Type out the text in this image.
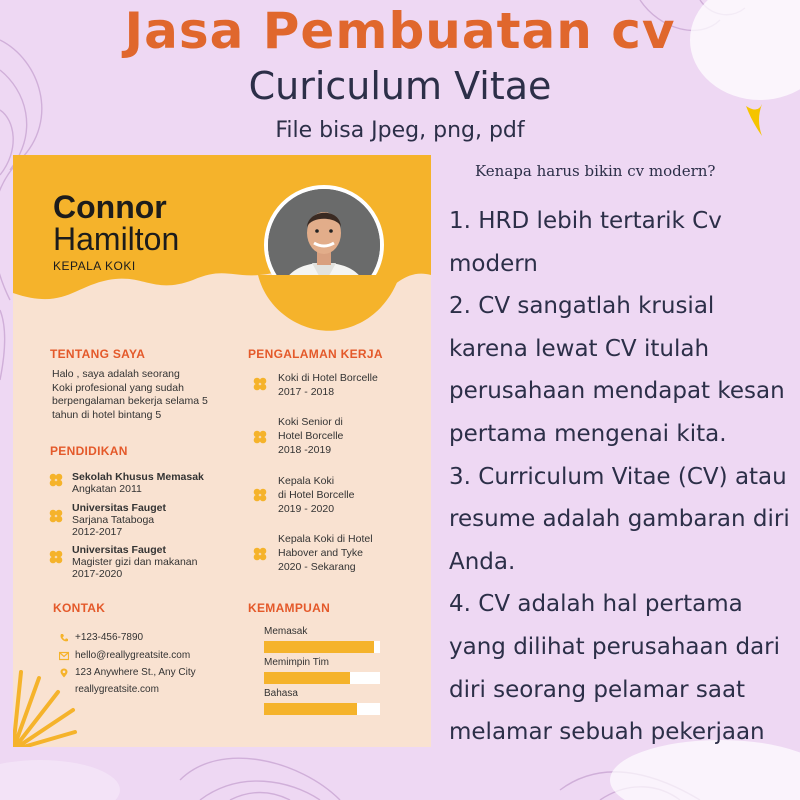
Jasa Pembuatan cv
Curiculum Vitae
File bisa Jpeg, png, pdf
Connor
Hamilton
KEPALA KOKI
TENTANG SAYA
Halo , saya adalah seorang
Koki profesional yang sudah
berpengalaman bekerja selama 5
tahun di hotel bintang 5
PENDIDIKAN
Sekolah Khusus Memasak
Angkatan 2011
Universitas Fauget
Sarjana Tataboga
2012-2017
Universitas Fauget
Magister gizi dan makanan
2017-2020
PENGALAMAN KERJA
Koki di Hotel Borcelle
2017 - 2018
Koki Senior di
Hotel Borcelle
2018 -2019
Kepala Koki
di Hotel Borcelle
2019 - 2020
Kepala Koki di Hotel
Habover and Tyke
2020 - Sekarang
KONTAK
+123-456-7890
hello@reallygreatsite.com
123 Anywhere St., Any City
reallygreatsite.com
KEMAMPUAN
Memasak
Memimpin Tim
Bahasa
Kenapa harus bikin cv modern?
1. HRD lebih tertarik Cv
modern
2. CV sangatlah krusial
karena lewat CV itulah
perusahaan mendapat kesan
pertama mengenai kita.
3. Curriculum Vitae (CV) atau
resume adalah gambaran diri
Anda.
4. CV adalah hal pertama
yang dilihat perusahaan dari
diri seorang pelamar saat
melamar sebuah pekerjaan
